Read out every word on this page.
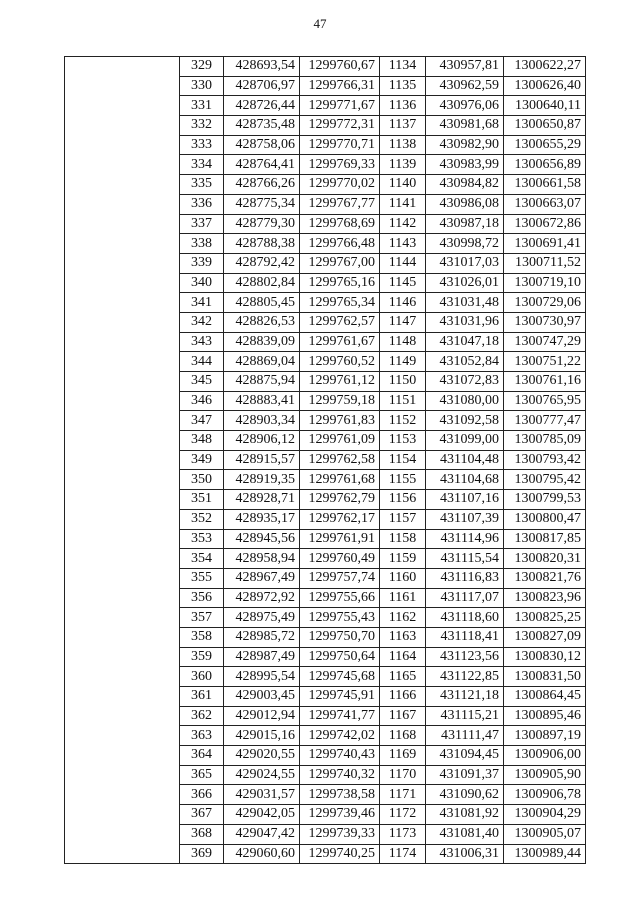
47
	329	428693,54	1299760,67	1134	430957,81	1300622,27
	330	428706,97	1299766,31	1135	430962,59	1300626,40
	331	428726,44	1299771,67	1136	430976,06	1300640,11
	332	428735,48	1299772,31	1137	430981,68	1300650,87
	333	428758,06	1299770,71	1138	430982,90	1300655,29
	334	428764,41	1299769,33	1139	430983,99	1300656,89
	335	428766,26	1299770,02	1140	430984,82	1300661,58
	336	428775,34	1299767,77	1141	430986,08	1300663,07
	337	428779,30	1299768,69	1142	430987,18	1300672,86
	338	428788,38	1299766,48	1143	430998,72	1300691,41
	339	428792,42	1299767,00	1144	431017,03	1300711,52
	340	428802,84	1299765,16	1145	431026,01	1300719,10
	341	428805,45	1299765,34	1146	431031,48	1300729,06
	342	428826,53	1299762,57	1147	431031,96	1300730,97
	343	428839,09	1299761,67	1148	431047,18	1300747,29
	344	428869,04	1299760,52	1149	431052,84	1300751,22
	345	428875,94	1299761,12	1150	431072,83	1300761,16
	346	428883,41	1299759,18	1151	431080,00	1300765,95
	347	428903,34	1299761,83	1152	431092,58	1300777,47
	348	428906,12	1299761,09	1153	431099,00	1300785,09
	349	428915,57	1299762,58	1154	431104,48	1300793,42
	350	428919,35	1299761,68	1155	431104,68	1300795,42
	351	428928,71	1299762,79	1156	431107,16	1300799,53
	352	428935,17	1299762,17	1157	431107,39	1300800,47
	353	428945,56	1299761,91	1158	431114,96	1300817,85
	354	428958,94	1299760,49	1159	431115,54	1300820,31
	355	428967,49	1299757,74	1160	431116,83	1300821,76
	356	428972,92	1299755,66	1161	431117,07	1300823,96
	357	428975,49	1299755,43	1162	431118,60	1300825,25
	358	428985,72	1299750,70	1163	431118,41	1300827,09
	359	428987,49	1299750,64	1164	431123,56	1300830,12
	360	428995,54	1299745,68	1165	431122,85	1300831,50
	361	429003,45	1299745,91	1166	431121,18	1300864,45
	362	429012,94	1299741,77	1167	431115,21	1300895,46
	363	429015,16	1299742,02	1168	431111,47	1300897,19
	364	429020,55	1299740,43	1169	431094,45	1300906,00
	365	429024,55	1299740,32	1170	431091,37	1300905,90
	366	429031,57	1299738,58	1171	431090,62	1300906,78
	367	429042,05	1299739,46	1172	431081,92	1300904,29
	368	429047,42	1299739,33	1173	431081,40	1300905,07
	369	429060,60	1299740,25	1174	431006,31	1300989,44
